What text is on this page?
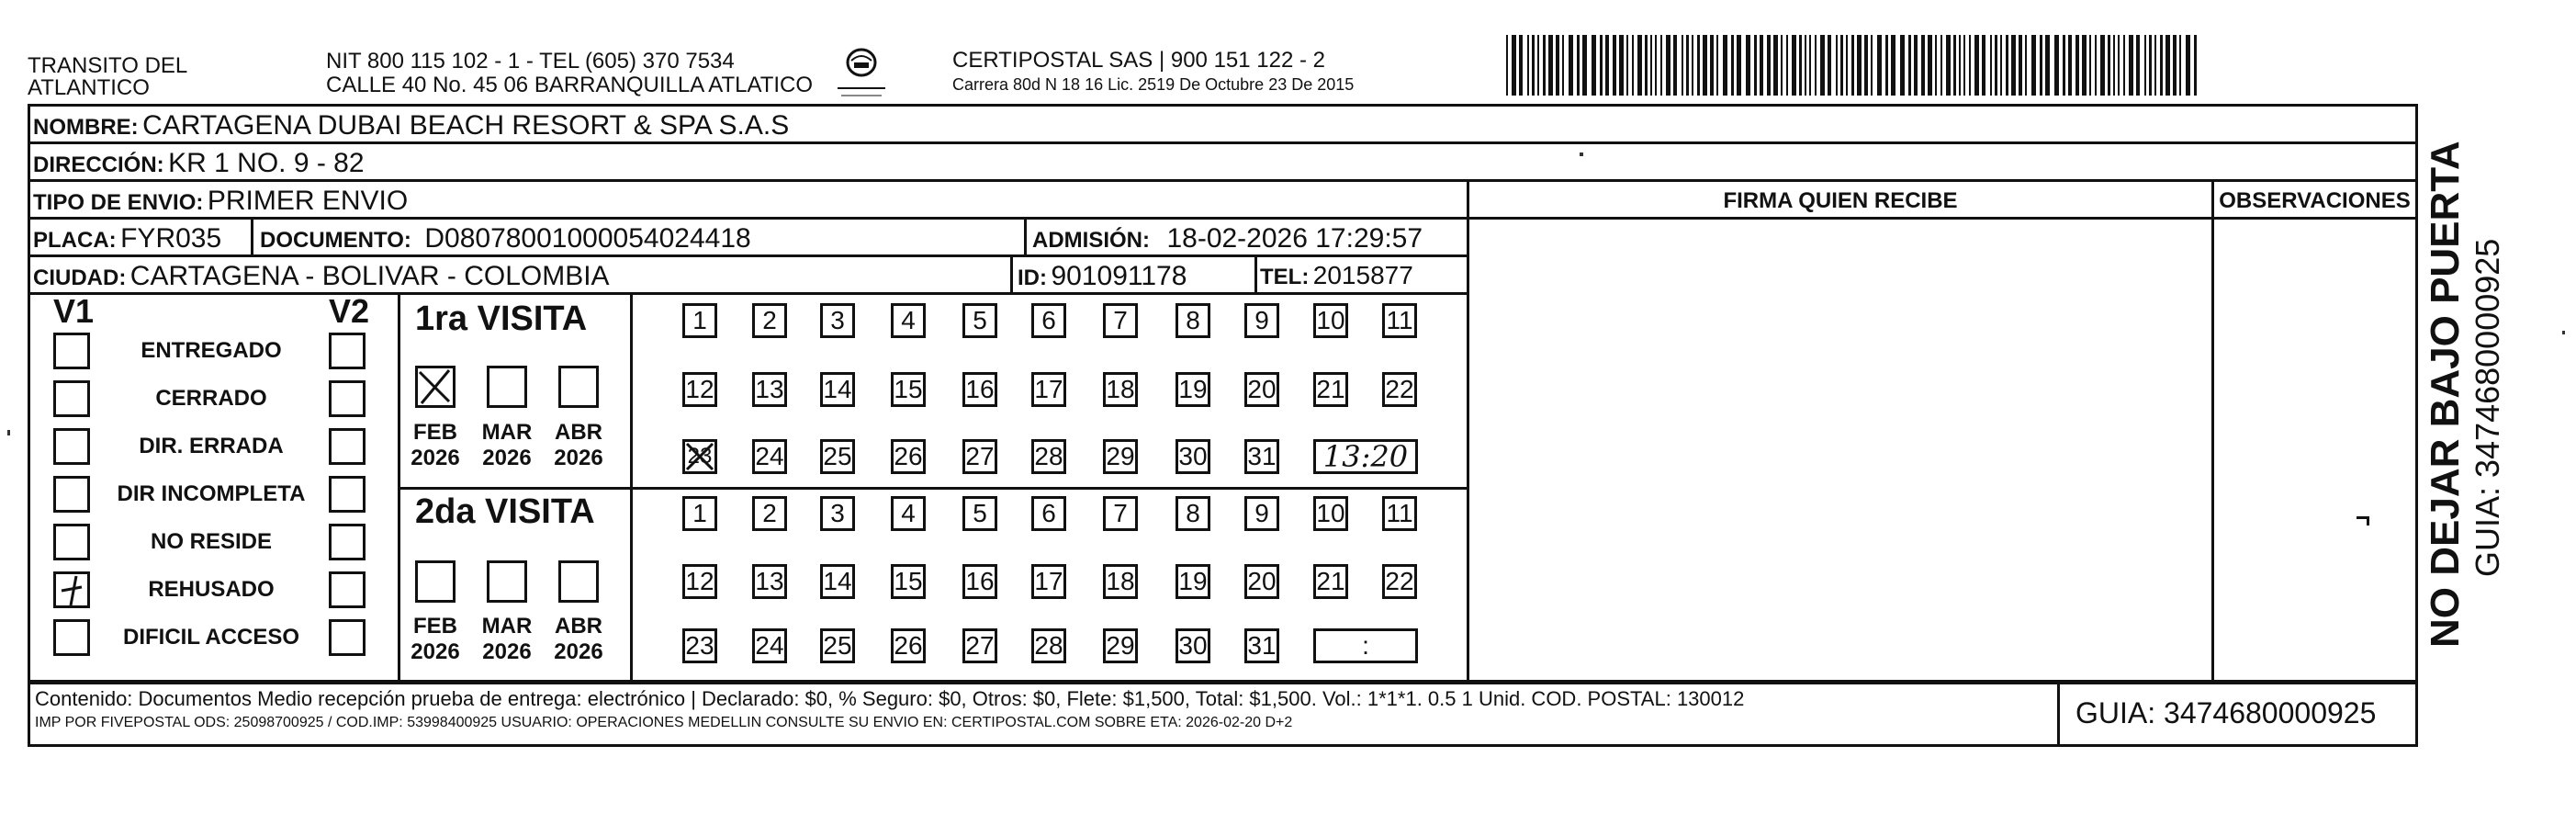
TRANSITO DEL
ATLANTICO
NIT 800 115 102 - 1 - TEL (605) 370 7534
CALLE 40 No. 45 06 BARRANQUILLA ATLATICO
CERTIPOSTAL SAS | 900 151 122 - 2
Carrera 80d N 18 16 Lic. 2519 De Octubre 23 De 2015
NOMBRE: CARTAGENA DUBAI BEACH RESORT & SPA S.A.S
DIRECCIÓN: KR 1 NO. 9 - 82
TIPO DE ENVIO: PRIMER ENVIO
PLACA: FYR035 DOCUMENTO: D08078001000054024418	ADMISIÓN: 18-02-2026 17:29:57
CIUDAD: CARTAGENA - BOLIVAR - COLOMBIA	ID: 901091178	TEL: 2015877
FIRMA QUIEN RECIBE	OBSERVACIONES
V1	V2
ENTREGADO
CERRADO
DIR. ERRADA
DIR INCOMPLETA
NO RESIDE
REHUSADO
DIFICIL ACCESO
1ra VISITA
2da VISITA
FEB
2026
MAR
2026
ABR
2026
FEB
2026
MAR
2026
ABR
2026
1 2 3 4 5 6 7 8 9 10 11
12 13 14 15 16 17 18 19 20 21 22
23 24 25 26 27 28 29 30 31 13:20
1 2 3 4 5 6 7 8 9 10 11
12 13 14 15 16 17 18 19 20 21 22
23 24 25 26 27 28 29 30 31	:
Contenido: Documentos Medio recepción prueba de entrega: electrónico | Declarado: $0, % Seguro: $0, Otros: $0, Flete: $1,500, Total: $1,500. Vol.: 1*1*1. 0.5 1 Unid. COD. POSTAL: 130012
IMP POR FIVEPOSTAL ODS: 25098700925 / COD.IMP: 53998400925 USUARIO: OPERACIONES MEDELLIN CONSULTE SU ENVIO EN: CERTIPOSTAL.COM SOBRE ETA: 2026-02-20 D+2	GUIA: 3474680000925
NO DEJAR BAJO PUERTA GUIA: 3474680000925
